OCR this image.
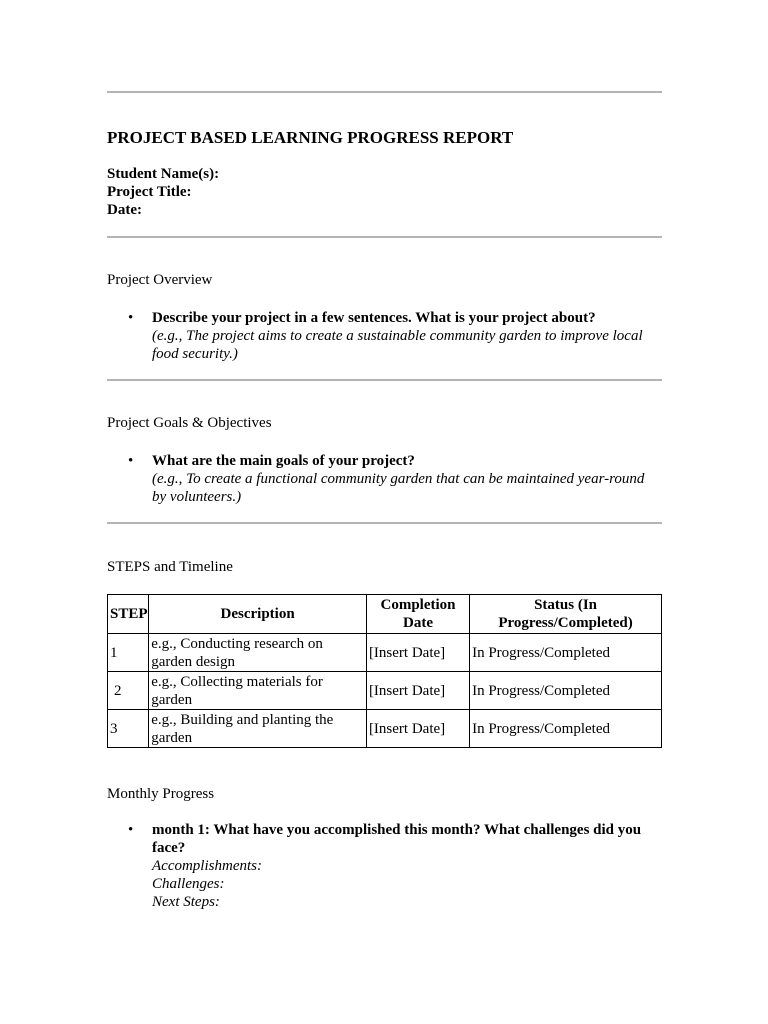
PROJECT BASED LEARNING PROGRESS REPORT
Student Name(s):
Project Title:
Date:
Project Overview
• Describe your project in a few sentences. What is your project about?
(e.g., The project aims to create a sustainable community garden to improve local food security.)
Project Goals & Objectives
• What are the main goals of your project?
(e.g., To create a functional community garden that can be maintained year-round by volunteers.)
STEPS and Timeline
STEP	Description	Completion Date	Status (In Progress/Completed)
1	e.g., Conducting research on garden design	[Insert Date]	In Progress/Completed
2	e.g., Collecting materials for garden	[Insert Date]	In Progress/Completed
3	e.g., Building and planting the garden	[Insert Date]	In Progress/Completed
Monthly Progress
• month 1: What have you accomplished this month? What challenges did you face?
Accomplishments:
Challenges:
Next Steps:
